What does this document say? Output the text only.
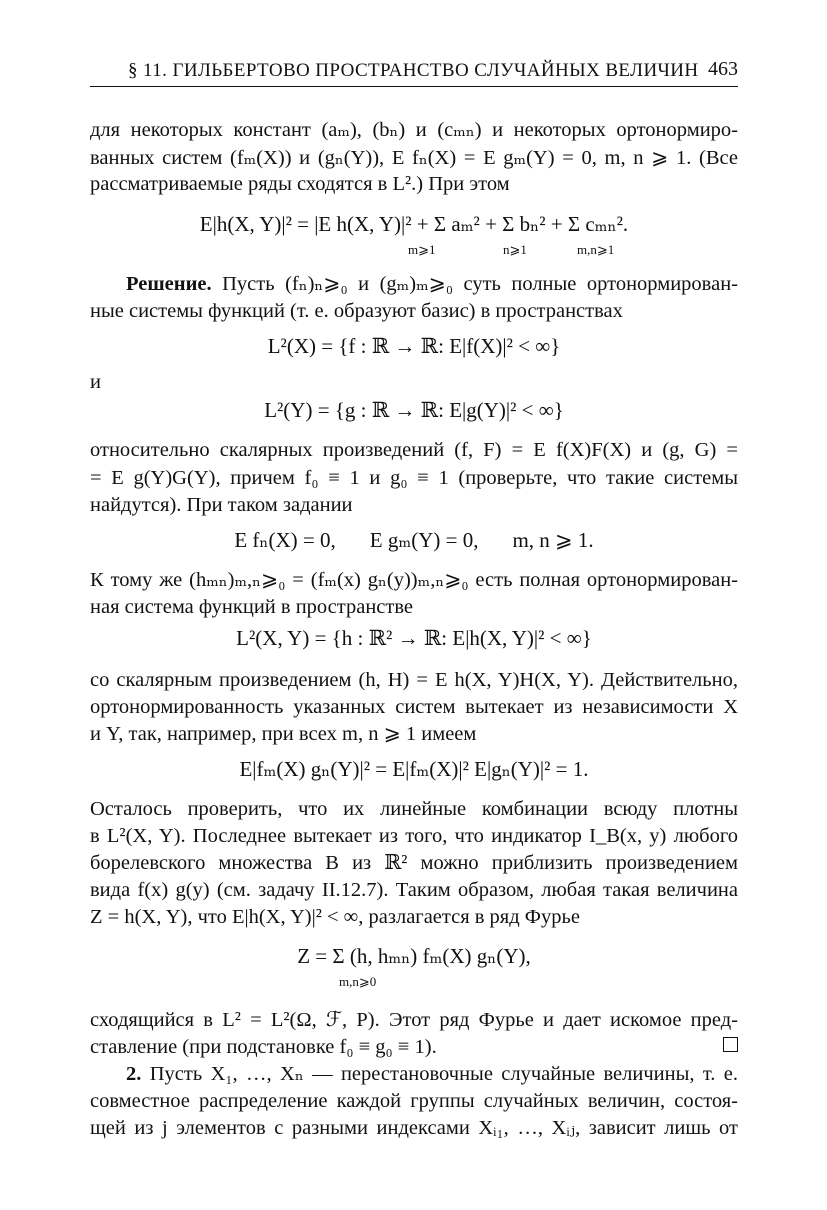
§ 11. ГИЛЬБЕРТОВО ПРОСТРАНСТВО СЛУЧАЙНЫХ ВЕЛИЧИН 463
для некоторых констант (aₘ), (bₙ) и (cₘₙ) и некоторых ортонормиро-
ванных систем (fₘ(X)) и (gₙ(Y)), E fₙ(X) = E gₘ(Y) = 0, m, n ⩾ 1. (Все
рассматриваемые ряды сходятся в L².) При этом
E|h(X, Y)|² = |E h(X, Y)|² + Σ aₘ² + Σ bₙ² + Σ cₘₙ².
m⩾1	n⩾1	m,n⩾1
Решение. Пусть (fₙ)ₙ⩾₀ и (gₘ)ₘ⩾₀ суть полные ортонормирован-
ные системы функций (т. е. образуют базис) в пространствах
L²(X) = {f : ℝ → ℝ: E|f(X)|² < ∞}
и
L²(Y) = {g : ℝ → ℝ: E|g(Y)|² < ∞}
относительно скалярных произведений (f, F) = E f(X)F(X) и (g, G) =
= E g(Y)G(Y), причем f₀ ≡ 1 и g₀ ≡ 1 (проверьте, что такие системы
найдутся). При таком задании
E fₙ(X) = 0, E gₘ(Y) = 0, m, n ⩾ 1.
К тому же (hₘₙ)ₘ,ₙ⩾₀ = (fₘ(x) gₙ(y))ₘ,ₙ⩾₀ есть полная ортонормирован-
ная система функций в пространстве
L²(X, Y) = {h : ℝ² → ℝ: E|h(X, Y)|² < ∞}
со скалярным произведением (h, H) = E h(X, Y)H(X, Y). Действительно,
ортонормированность указанных систем вытекает из независимости X
и Y, так, например, при всех m, n ⩾ 1 имеем
E|fₘ(X) gₙ(Y)|² = E|fₘ(X)|² E|gₙ(Y)|² = 1.
Осталось проверить, что их линейные комбинации всюду плотны
в L²(X, Y). Последнее вытекает из того, что индикатор I_B(x, y) любого
борелевского множества B из ℝ² можно приблизить произведением
вида f(x) g(y) (см. задачу II.12.7). Таким образом, любая такая величина
Z = h(X, Y), что E|h(X, Y)|² < ∞, разлагается в ряд Фурье
Z = Σ (h, hₘₙ) fₘ(X) gₙ(Y),
m,n⩾0
сходящийся в L² = L²(Ω, ℱ, P). Этот ряд Фурье и дает искомое пред-
ставление (при подстановке f₀ ≡ g₀ ≡ 1).
2. Пусть X₁, …, Xₙ — перестановочные случайные величины, т. е.
совместное распределение каждой группы случайных величин, состоя-
щей из j элементов с разными индексами Xᵢ₁, …, Xᵢⱼ, зависит лишь от
